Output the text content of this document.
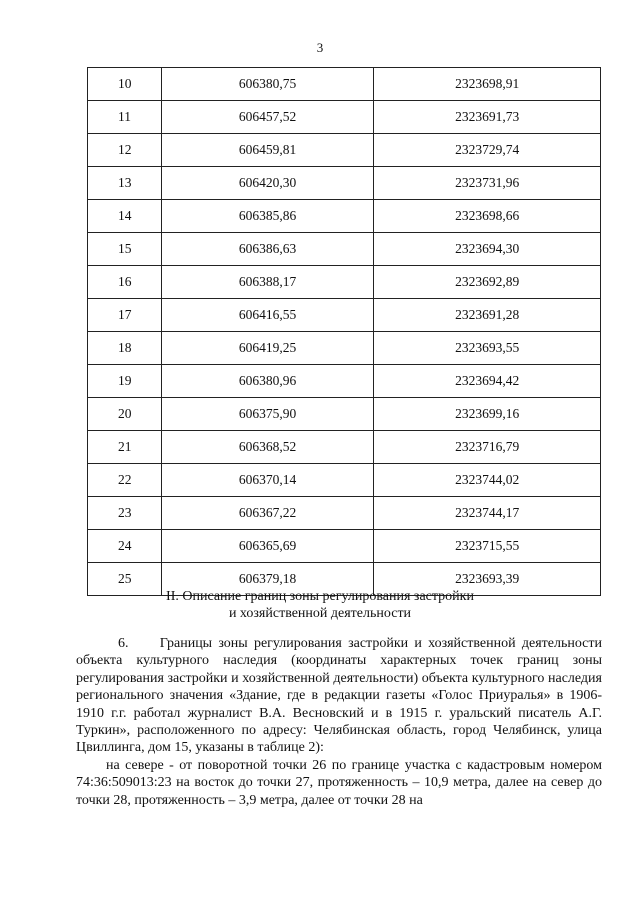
3
10	606380,75	2323698,91
11	606457,52	2323691,73
12	606459,81	2323729,74
13	606420,30	2323731,96
14	606385,86	2323698,66
15	606386,63	2323694,30
16	606388,17	2323692,89
17	606416,55	2323691,28
18	606419,25	2323693,55
19	606380,96	2323694,42
20	606375,90	2323699,16
21	606368,52	2323716,79
22	606370,14	2323744,02
23	606367,22	2323744,17
24	606365,69	2323715,55
25	606379,18	2323693,39
II. Описание границ зоны регулирования застройки
и хозяйственной деятельности

6.     Границы зоны регулирования застройки и хозяйственной деятельности объекта культурного наследия (координаты характерных точек границ зоны регулирования застройки и хозяйственной деятельности) объекта культурного наследия регионального значения «Здание, где в редакции газеты «Голос Приуралья» в 1906-1910 г.г. работал журналист В.А. Весновский и в 1915 г. уральский писатель А.Г. Туркин», расположенного по адресу: Челябинская область, город Челябинск, улица Цвиллинга, дом 15, указаны в таблице 2):

на севере - от поворотной точки 26 по границе участка с кадастровым номером 74:36:509013:23 на восток до точки 27, протяженность – 10,9 метра, далее на север до точки 28, протяженность – 3,9 метра, далее от точки 28 на
